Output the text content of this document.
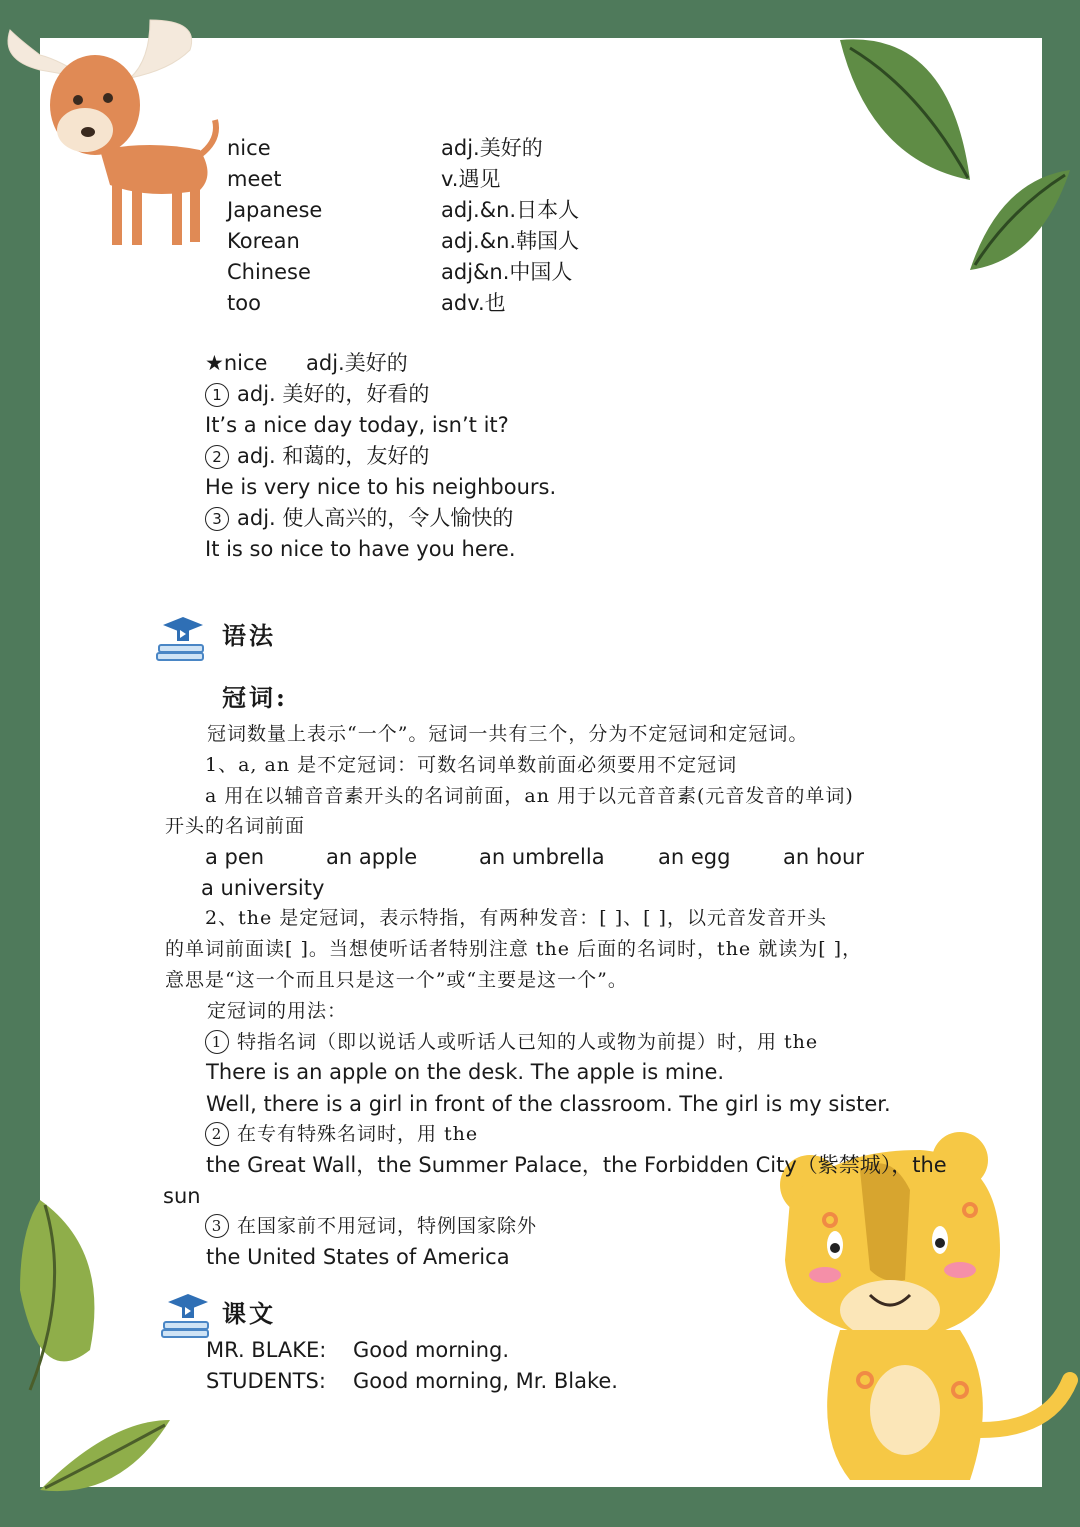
nice	adj.美好的
meet	v.遇见
Japanese	adj.&n.日本人
Korean	adj.&n.韩国人
Chinese	adj&n.中国人
too	adv.也
★nice adj.美好的
1 adj. 美好的，好看的
It’s a nice day today, isn’t it?
2 adj. 和蔼的，友好的
He is very nice to his neighbours.
3 adj. 使人高兴的，令人愉快的
It is so nice to have you here.
语法
冠词:
冠词数量上表示“一个”。冠词一共有三个，分为不定冠词和定冠词。
1、a, an 是不定冠词：可数名词单数前面必须要用不定冠词
a 用在以辅音音素开头的名词前面，an 用于以元音音素(元音发音的单词)
开头的名词前面
a pen	an apple	an umbrella	an egg	an hour
a university
2、the 是定冠词，表示特指，有两种发音：[ ]、[ ]，以元音发音开头
的单词前面读[ ]。当想使听话者特别注意 the 后面的名词时，the 就读为[ ]，
意思是“这一个而且只是这一个”或“主要是这一个”。
定冠词的用法：
1 特指名词（即以说话人或听话人已知的人或物为前提）时，用 the
There is an apple on the desk. The apple is mine.
Well, there is a girl in front of the classroom. The girl is my sister.
2 在专有特殊名词时，用 the
the Great Wall，the Summer Palace，the Forbidden City（紫禁城），the
sun
3 在国家前不用冠词，特例国家除外
the United States of America
课文
MR. BLAKE: Good morning.
STUDENTS: Good morning, Mr. Blake.
